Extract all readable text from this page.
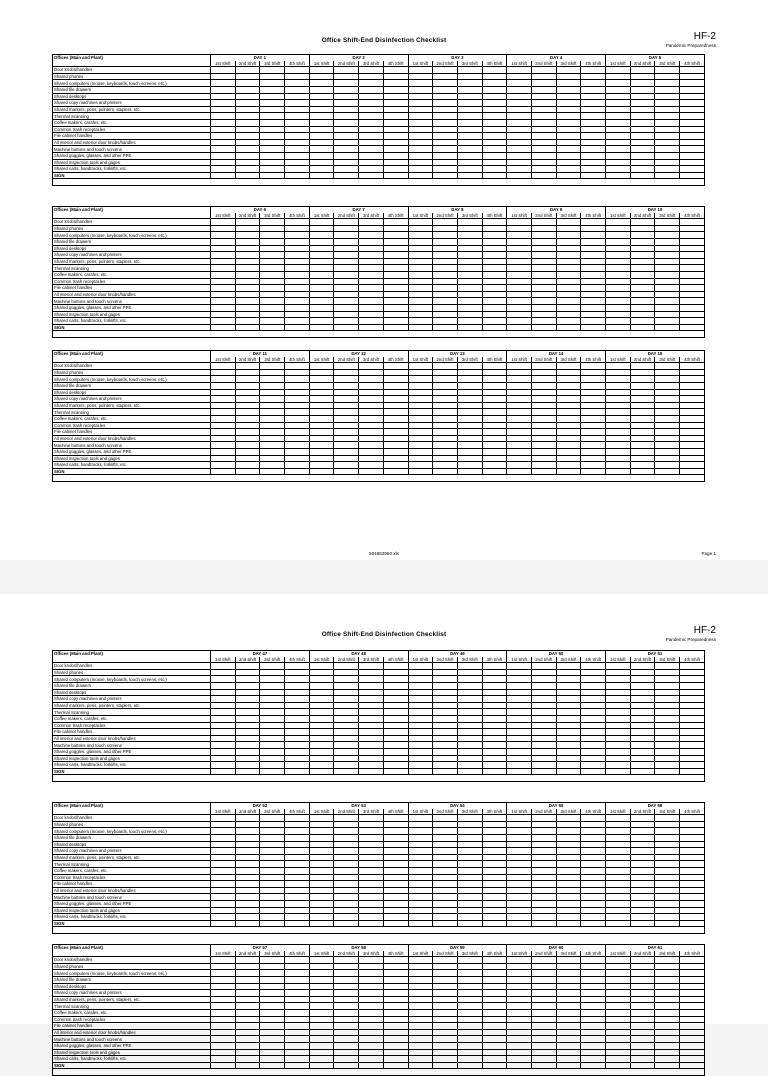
Office Shift-End Disinfection Checklist	HF-2
Pandemic Preparedness
Offices (Main and Plant)	DAY 1				DAY 2				DAY 3				DAY 4				DAY 5			
	1st Shift	2nd Shift	3rd Shift	4th Shift	1st Shift	2nd Shift	3rd Shift	4th Shift	1st Shift	2nd Shift	3rd Shift	4th Shift	1st Shift	2nd Shift	3rd Shift	4th Shift	1st Shift	2nd Shift	3rd Shift	4th Shift
Door knobs/handles																				
Shared phones																				
Shared computers (mouse, keyboards, touch screens, etc.)																				
Shared file drawers																				
Shared desktops																				
Shared copy machines and printers																				
Shared markers, pens, pointers, staplers, etc.																				
Thermal Scanning																				
Coffee makers, carafes, etc.																				
Common trash receptacles																				
File cabinet handles																				
All interior and exterior door knobs/handles																				
Machine buttons and touch screens																				
Shared goggles, glasses, and other PPE																				
Shared inspection tools and gages																				
Shared carts, handtrucks, forklifts, etc.																				
SIGN																				

Offices (Main and Plant)	DAY 6				DAY 7				DAY 8				DAY 9				DAY 10			
	1st Shift	2nd Shift	3rd Shift	4th Shift	1st Shift	2nd Shift	3rd Shift	4th Shift	1st Shift	2nd Shift	3rd Shift	4th Shift	1st Shift	2nd Shift	3rd Shift	4th Shift	1st Shift	2nd Shift	3rd Shift	4th Shift
Door knobs/handles																				
Shared phones																				
Shared computers (mouse, keyboards, touch screens, etc.)																				
Shared file drawers																				
Shared desktops																				
Shared copy machines and printers																				
Shared markers, pens, pointers, staplers, etc.																				
Thermal Scanning																				
Coffee makers, carafes, etc.																				
Common trash receptacles																				
File cabinet handles																				
All interior and exterior door knobs/handles																				
Machine buttons and touch screens																				
Shared goggles, glasses, and other PPE																				
Shared inspection tools and gages																				
Shared carts, handtrucks, forklifts, etc.																				
SIGN																				

Offices (Main and Plant)	DAY 11				DAY 12				DAY 13				DAY 14				DAY 15			
	1st Shift	2nd Shift	3rd Shift	4th Shift	1st Shift	2nd Shift	3rd Shift	4th Shift	1st Shift	2nd Shift	3rd Shift	4th Shift	1st Shift	2nd Shift	3rd Shift	4th Shift	1st Shift	2nd Shift	3rd Shift	4th Shift
Door knobs/handles																				
Shared phones																				
Shared computers (mouse, keyboards, touch screens, etc.)																				
Shared file drawers																				
Shared desktops																				
Shared copy machines and printers																				
Shared markers, pens, pointers, staplers, etc.																				
Thermal Scanning																				
Coffee makers, carafes, etc.																				
Common trash receptacles																				
File cabinet handles																				
All interior and exterior door knobs/handles																				
Machine buttons and touch screens																				
Shared goggles, glasses, and other PPE																				
Shared inspection tools and gages																				
Shared carts, handtrucks, forklifts, etc.																				
SIGN																				

504653960.xls	Page 1
Office Shift-End Disinfection Checklist	HF-2
Pandemic Preparedness
Offices (Main and Plant)	DAY 47				DAY 48				DAY 49				DAY 50				DAY 51			
	1st Shift	2nd Shift	3rd Shift	4th Shift	1st Shift	2nd Shift	3rd Shift	4th Shift	1st Shift	2nd Shift	3rd Shift	4th Shift	1st Shift	2nd Shift	3rd Shift	4th Shift	1st Shift	2nd Shift	3rd Shift	4th Shift
Door knobs/handles																				
Shared phones																				
Shared computers (mouse, keyboards, touch screens, etc.)																				
Shared file drawers																				
Shared desktops																				
Shared copy machines and printers																				
Shared markers, pens, pointers, staplers, etc.																				
Thermal Scanning																				
Coffee makers, carafes, etc.																				
Common trash receptacles																				
File cabinet handles																				
All interior and exterior door knobs/handles																				
Machine buttons and touch screens																				
Shared goggles, glasses, and other PPE																				
Shared inspection tools and gages																				
Shared carts, handtrucks, forklifts, etc.																				
SIGN																				

Offices (Main and Plant)	DAY 52				DAY 53				DAY 54				DAY 55				DAY 56			
	1st Shift	2nd Shift	3rd Shift	4th Shift	1st Shift	2nd Shift	3rd Shift	4th Shift	1st Shift	2nd Shift	3rd Shift	4th Shift	1st Shift	2nd Shift	3rd Shift	4th Shift	1st Shift	2nd Shift	3rd Shift	4th Shift
Door knobs/handles																				
Shared phones																				
Shared computers (mouse, keyboards, touch screens, etc.)																				
Shared file drawers																				
Shared desktops																				
Shared copy machines and printers																				
Shared markers, pens, pointers, staplers, etc.																				
Thermal Scanning																				
Coffee makers, carafes, etc.																				
Common trash receptacles																				
File cabinet handles																				
All interior and exterior door knobs/handles																				
Machine buttons and touch screens																				
Shared goggles, glasses, and other PPE																				
Shared inspection tools and gages																				
Shared carts, handtrucks, forklifts, etc.																				
SIGN																				

Offices (Main and Plant)	DAY 57				DAY 58				DAY 59				DAY 60				DAY 61			
	1st Shift	2nd Shift	3rd Shift	4th Shift	1st Shift	2nd Shift	3rd Shift	4th Shift	1st Shift	2nd Shift	3rd Shift	4th Shift	1st Shift	2nd Shift	3rd Shift	4th Shift	1st Shift	2nd Shift	3rd Shift	4th Shift
Door knobs/handles																				
Shared phones																				
Shared computers (mouse, keyboards, touch screens, etc.)																				
Shared file drawers																				
Shared desktops																				
Shared copy machines and printers																				
Shared markers, pens, pointers, staplers, etc.																				
Thermal Scanning																				
Coffee makers, carafes, etc.																				
Common trash receptacles																				
File cabinet handles																				
All interior and exterior door knobs/handles																				
Machine buttons and touch screens																				
Shared goggles, glasses, and other PPE																				
Shared inspection tools and gages																				
Shared carts, handtrucks, forklifts, etc.																				
SIGN																				
